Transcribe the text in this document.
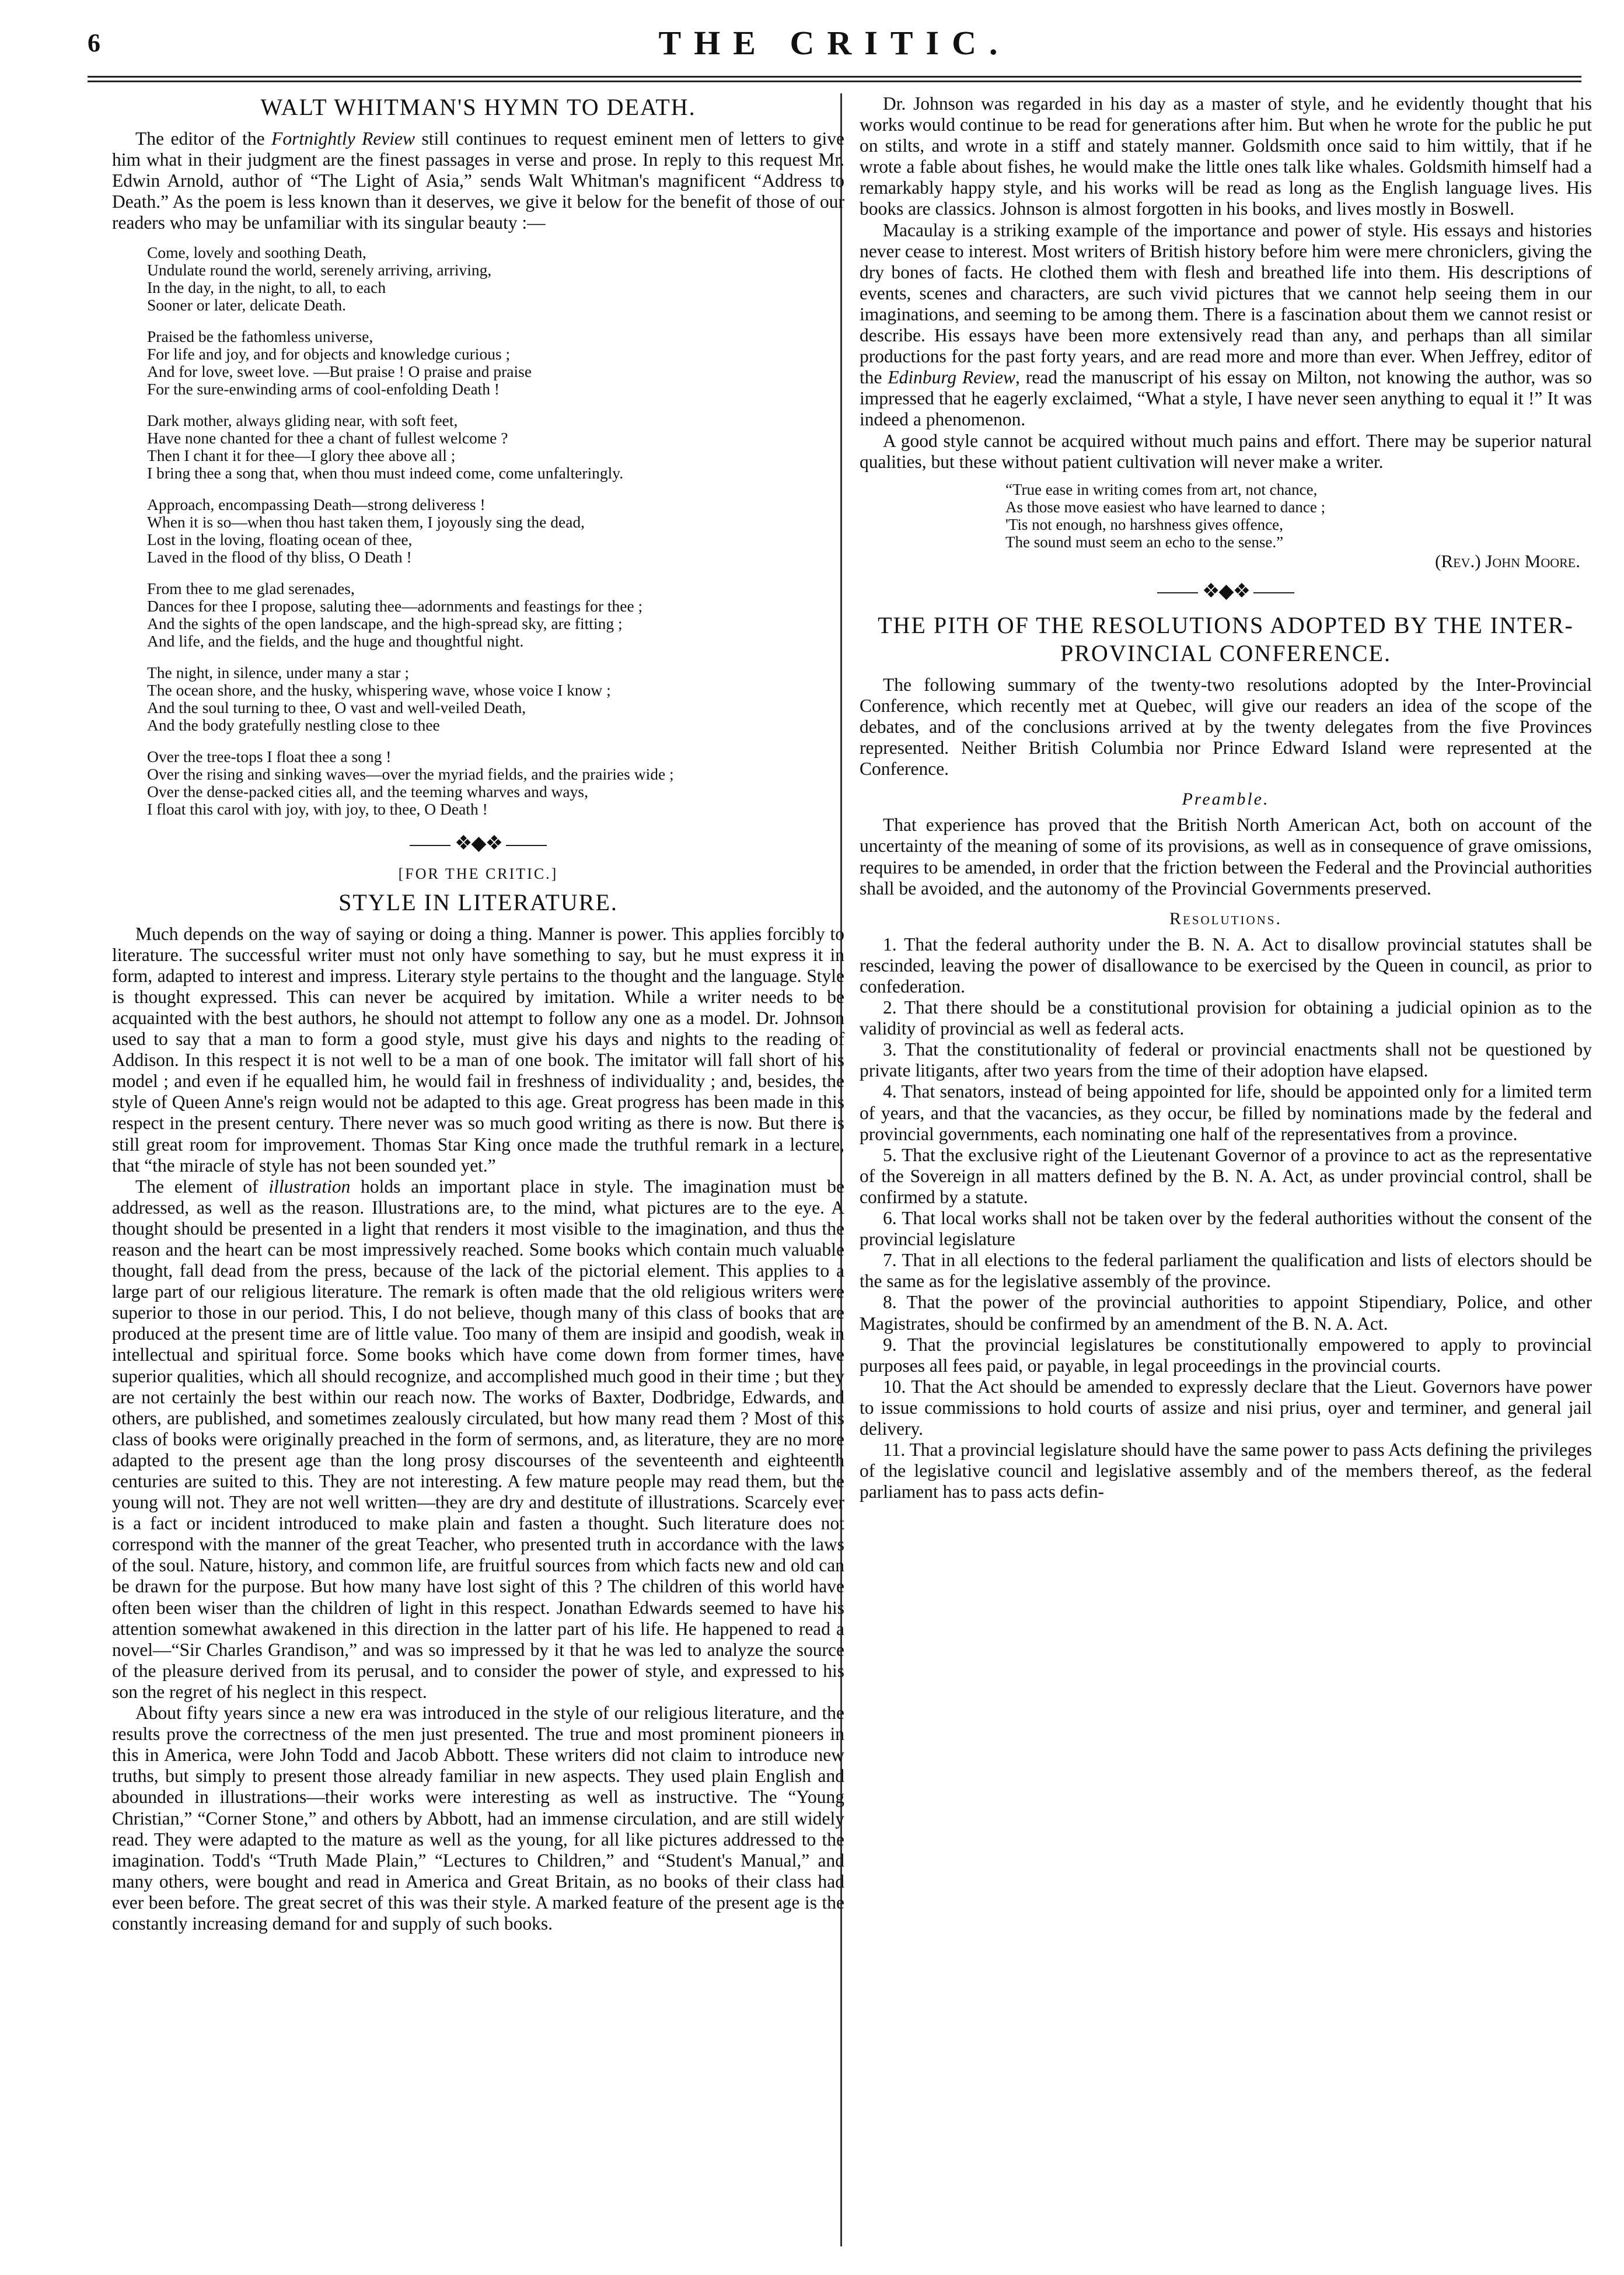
6	THE CRITIC.
WALT WHITMAN'S HYMN TO DEATH.

The editor of the Fortnightly Review still continues to request eminent men of letters to give him what in their judgment are the finest passages in verse and prose. In reply to this request Mr. Edwin Arnold, author of “The Light of Asia,” sends Walt Whitman's magnificent “Address to Death.” As the poem is less known than it deserves, we give it below for the benefit of those of our readers who may be unfamiliar with its singular beauty :—

Come, lovely and soothing Death,
Undulate round the world, serenely arriving, arriving,
In the day, in the night, to all, to each
Sooner or later, delicate Death.
Praised be the fathomless universe,
For life and joy, and for objects and knowledge curious ;
And for love, sweet love. —But praise ! O praise and praise
For the sure-enwinding arms of cool-enfolding Death !
Dark mother, always gliding near, with soft feet,
Have none chanted for thee a chant of fullest welcome ?
Then I chant it for thee—I glory thee above all ;
I bring thee a song that, when thou must indeed come, come unfalteringly.
Approach, encompassing Death—strong deliveress !
When it is so—when thou hast taken them, I joyously sing the dead,
Lost in the loving, floating ocean of thee,
Laved in the flood of thy bliss, O Death !
From thee to me glad serenades,
Dances for thee I propose, saluting thee—adornments and feastings for thee ;
And the sights of the open landscape, and the high-spread sky, are fitting ;
And life, and the fields, and the huge and thoughtful night.
The night, in silence, under many a star ;
The ocean shore, and the husky, whispering wave, whose voice I know ;
And the soul turning to thee, O vast and well-veiled Death,
And the body gratefully nestling close to thee
Over the tree-tops I float thee a song !
Over the rising and sinking waves—over the myriad fields, and the prairies wide ;
Over the dense-packed cities all, and the teeming wharves and ways,
I float this carol with joy, with joy, to thee, O Death !
❖◆❖
[FOR THE CRITIC.]
STYLE IN LITERATURE.

Much depends on the way of saying or doing a thing. Manner is power. This applies forcibly to literature. The successful writer must not only have something to say, but he must express it in form, adapted to interest and impress. Literary style pertains to the thought and the language. Style is thought expressed. This can never be acquired by imitation. While a writer needs to be acquainted with the best authors, he should not attempt to follow any one as a model. Dr. Johnson used to say that a man to form a good style, must give his days and nights to the reading of Addison. In this respect it is not well to be a man of one book. The imitator will fall short of his model ; and even if he equalled him, he would fail in freshness of individuality ; and, besides, the style of Queen Anne's reign would not be adapted to this age. Great progress has been made in this respect in the present century. There never was so much good writing as there is now. But there is still great room for improvement. Thomas Star King once made the truthful remark in a lecture, that “the miracle of style has not been sounded yet.”

The element of illustration holds an important place in style. The imagination must be addressed, as well as the reason. Illustrations are, to the mind, what pictures are to the eye. A thought should be presented in a light that renders it most visible to the imagination, and thus the reason and the heart can be most impressively reached. Some books which contain much valuable thought, fall dead from the press, because of the lack of the pictorial element. This applies to a large part of our religious literature. The remark is often made that the old religious writers were superior to those in our period. This, I do not believe, though many of this class of books that are produced at the present time are of little value. Too many of them are insipid and goodish, weak in intellectual and spiritual force. Some books which have come down from former times, have superior qualities, which all should recognize, and accomplished much good in their time ; but they are not certainly the best within our reach now. The works of Baxter, Dodbridge, Edwards, and others, are published, and sometimes zealously circulated, but how many read them ? Most of this class of books were originally preached in the form of sermons, and, as literature, they are no more adapted to the present age than the long prosy discourses of the seventeenth and eighteenth centuries are suited to this. They are not interesting. A few mature people may read them, but the young will not. They are not well written—they are dry and destitute of illustrations. Scarcely ever is a fact or incident introduced to make plain and fasten a thought. Such literature does not correspond with the manner of the great Teacher, who presented truth in accordance with the laws of the soul. Nature, history, and common life, are fruitful sources from which facts new and old can be drawn for the purpose. But how many have lost sight of this ? The children of this world have often been wiser than the children of light in this respect. Jonathan Edwards seemed to have his attention somewhat awakened in this direction in the latter part of his life. He happened to read a novel—“Sir Charles Grandison,” and was so impressed by it that he was led to analyze the source of the pleasure derived from its perusal, and to consider the power of style, and expressed to his son the regret of his neglect in this respect.

About fifty years since a new era was introduced in the style of our religious literature, and the results prove the correctness of the men just presented. The true and most prominent pioneers in this in America, were John Todd and Jacob Abbott. These writers did not claim to introduce new truths, but simply to present those already familiar in new aspects. They used plain English and abounded in illustrations—their works were interesting as well as instructive. The “Young Christian,” “Corner Stone,” and others by Abbott, had an immense circulation, and are still widely read. They were adapted to the mature as well as the young, for all like pictures addressed to the imagination. Todd's “Truth Made Plain,” “Lectures to Children,” and “Student's Manual,” and many others, were bought and read in America and Great Britain, as no books of their class had ever been before. The great secret of this was their style. A marked feature of the present age is the constantly increasing demand for and supply of such books.

Dr. Johnson was regarded in his day as a master of style, and he evidently thought that his works would continue to be read for generations after him. But when he wrote for the public he put on stilts, and wrote in a stiff and stately manner. Goldsmith once said to him wittily, that if he wrote a fable about fishes, he would make the little ones talk like whales. Goldsmith himself had a remarkably happy style, and his works will be read as long as the English language lives. His books are classics. Johnson is almost forgotten in his books, and lives mostly in Boswell.

Macaulay is a striking example of the importance and power of style. His essays and histories never cease to interest. Most writers of British history before him were mere chroniclers, giving the dry bones of facts. He clothed them with flesh and breathed life into them. His descriptions of events, scenes and characters, are such vivid pictures that we cannot help seeing them in our imaginations, and seeming to be among them. There is a fascination about them we cannot resist or describe. His essays have been more extensively read than any, and perhaps than all similar productions for the past forty years, and are read more and more than ever. When Jeffrey, editor of the Edinburg Review, read the manuscript of his essay on Milton, not knowing the author, was so impressed that he eagerly exclaimed, “What a style, I have never seen anything to equal it !” It was indeed a phenomenon.

A good style cannot be acquired without much pains and effort. There may be superior natural qualities, but these without patient cultivation will never make a writer.

“True ease in writing comes from art, not chance,
As those move easiest who have learned to dance ;
'Tis not enough, no harshness gives offence,
The sound must seem an echo to the sense.”
(Rev.) John Moore.
❖◆❖
THE PITH OF THE RESOLUTIONS ADOPTED BY THE INTER-PROVINCIAL CONFERENCE.

The following summary of the twenty-two resolutions adopted by the Inter-Provincial Conference, which recently met at Quebec, will give our readers an idea of the scope of the debates, and of the conclusions arrived at by the twenty delegates from the five Provinces represented. Neither British Columbia nor Prince Edward Island were represented at the Conference.

Preamble.

That experience has proved that the British North American Act, both on account of the uncertainty of the meaning of some of its provisions, as well as in consequence of grave omissions, requires to be amended, in order that the friction between the Federal and the Provincial authorities shall be avoided, and the autonomy of the Provincial Governments preserved.

Resolutions.

1. That the federal authority under the B. N. A. Act to disallow provincial statutes shall be rescinded, leaving the power of disallowance to be exercised by the Queen in council, as prior to confederation.

2. That there should be a constitutional provision for obtaining a judicial opinion as to the validity of provincial as well as federal acts.

3. That the constitutionality of federal or provincial enactments shall not be questioned by private litigants, after two years from the time of their adoption have elapsed.

4. That senators, instead of being appointed for life, should be appointed only for a limited term of years, and that the vacancies, as they occur, be filled by nominations made by the federal and provincial governments, each nominating one half of the representatives from a province.

5. That the exclusive right of the Lieutenant Governor of a province to act as the representative of the Sovereign in all matters defined by the B. N. A. Act, as under provincial control, shall be confirmed by a statute.

6. That local works shall not be taken over by the federal authorities without the consent of the provincial legislature

7. That in all elections to the federal parliament the qualification and lists of electors should be the same as for the legislative assembly of the province.

8. That the power of the provincial authorities to appoint Stipendiary, Police, and other Magistrates, should be confirmed by an amendment of the B. N. A. Act.

9. That the provincial legislatures be constitutionally empowered to apply to provincial purposes all fees paid, or payable, in legal proceedings in the provincial courts.

10. That the Act should be amended to expressly declare that the Lieut. Governors have power to issue commissions to hold courts of assize and nisi prius, oyer and terminer, and general jail delivery.

11. That a provincial legislature should have the same power to pass Acts defining the privileges of the legislative council and legislative assembly and of the members thereof, as the federal parliament has to pass acts defin-
